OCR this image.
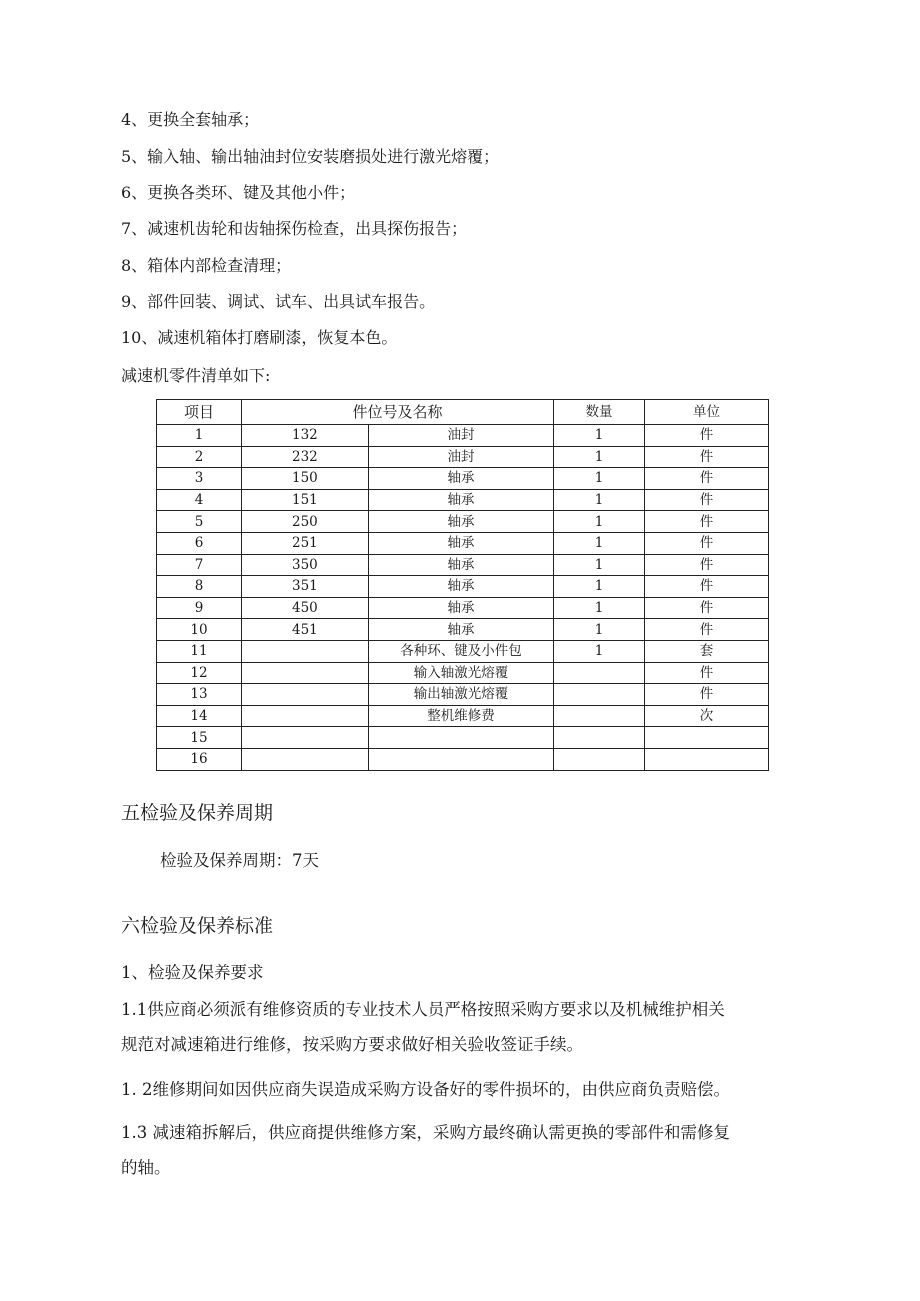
4、更换全套轴承；
5、输入轴、输出轴油封位安装磨损处进行激光熔覆；
6、更换各类环、键及其他小件；
7、减速机齿轮和齿轴探伤检查，出具探伤报告；
8、箱体内部检查清理；
9、部件回装、调试、试车、出具试车报告。
10、减速机箱体打磨刷漆，恢复本色。
减速机零件清单如下:
项目	件位号及名称		数量	单位
1	132	油封	1	件
2	232	油封	1	件
3	150	轴承	1	件
4	151	轴承	1	件
5	250	轴承	1	件
6	251	轴承	1	件
7	350	轴承	1	件
8	351	轴承	1	件
9	450	轴承	1	件
10	451	轴承	1	件
11		各种环、键及小件包	1	套
12		输入轴激光熔覆		件
13		输出轴激光熔覆		件
14		整机维修费		次
15				
16				
五检验及保养周期
检验及保养周期：7天
六检验及保养标准
1、检验及保养要求
1.1供应商必须派有维修资质的专业技术人员严格按照采购方要求以及机械维护相关
规范对减速箱进行维修，按采购方要求做好相关验收签证手续。
1. 2维修期间如因供应商失误造成采购方设备好的零件损坏的，由供应商负责赔偿。
1.3 减速箱拆解后，供应商提供维修方案，采购方最终确认需更换的零部件和需修复
的轴。
